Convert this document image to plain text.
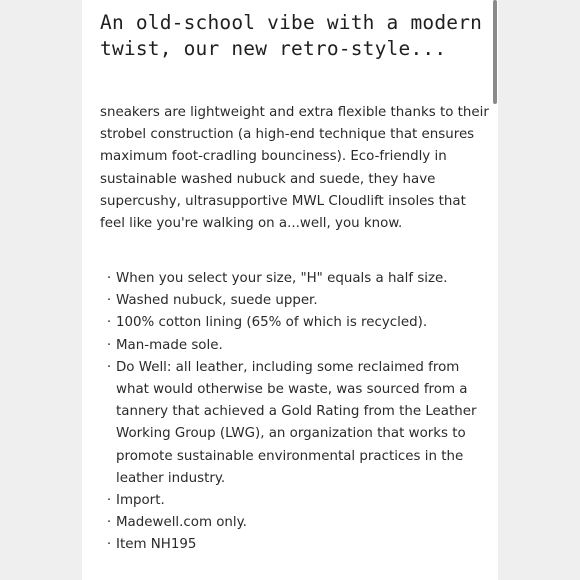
An old-school vibe with a modern twist, our new retro-style...

sneakers are lightweight and extra flexible thanks to their strobel construction (a high-end technique that ensures maximum foot-cradling bounciness). Eco-friendly in sustainable washed nubuck and suede, they have supercushy, ultrasupportive MWL Cloudlift insoles that feel like you're walking on a...well, you know.

· When you select your size, "H" equals a half size.
· Washed nubuck, suede upper.
· 100% cotton lining (65% of which is recycled).
· Man-made sole.
· Do Well: all leather, including some reclaimed from what would otherwise be waste, was sourced from a tannery that achieved a Gold Rating from the Leather Working Group (LWG), an organization that works to promote sustainable environmental practices in the leather industry.
· Import.
· Madewell.com only.
· Item NH195
